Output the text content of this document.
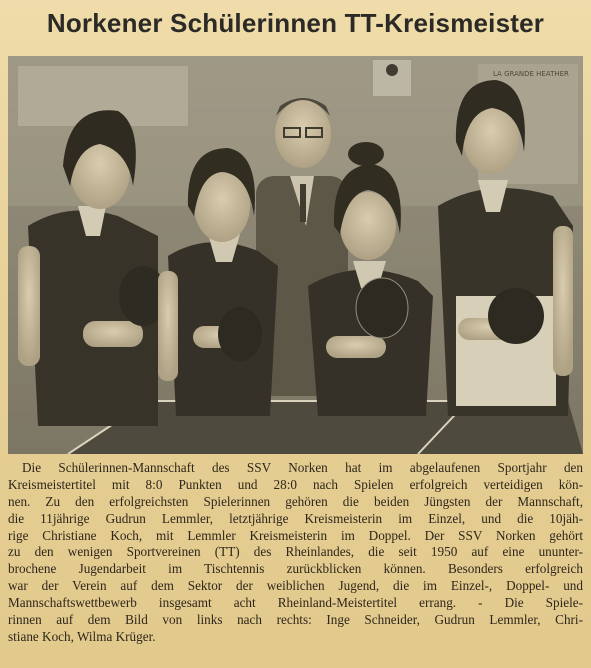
Norkener Schülerinnen TT-Kreismeister
LA GRANDE HEATHER
Die Schülerinnen-Mannschaft des SSV Norken hat im abgelaufenen Sportjahr den
Kreismeistertitel mit 8:0 Punkten und 28:0 nach Spielen erfolgreich verteidigen kön-
nen. Zu den erfolgreichsten Spielerinnen gehören die beiden Jüngsten der Mannschaft,
die 11jährige Gudrun Lemmler, letztjährige Kreismeisterin im Einzel, und die 10jäh-
rige Christiane Koch, mit Lemmler Kreismeisterin im Doppel. Der SSV Norken gehört
zu den wenigen Sportvereinen (TT) des Rheinlandes, die seit 1950 auf eine ununter-
brochene Jugendarbeit im Tischtennis zurückblicken können. Besonders erfolgreich
war der Verein auf dem Sektor der weiblichen Jugend, die im Einzel-, Doppel- und
Mannschaftswettbewerb insgesamt acht Rheinland-Meistertitel errang. - Die Spiele-
rinnen auf dem Bild von links nach rechts: Inge Schneider, Gudrun Lemmler, Chri-
stiane Koch, Wilma Krüger.
